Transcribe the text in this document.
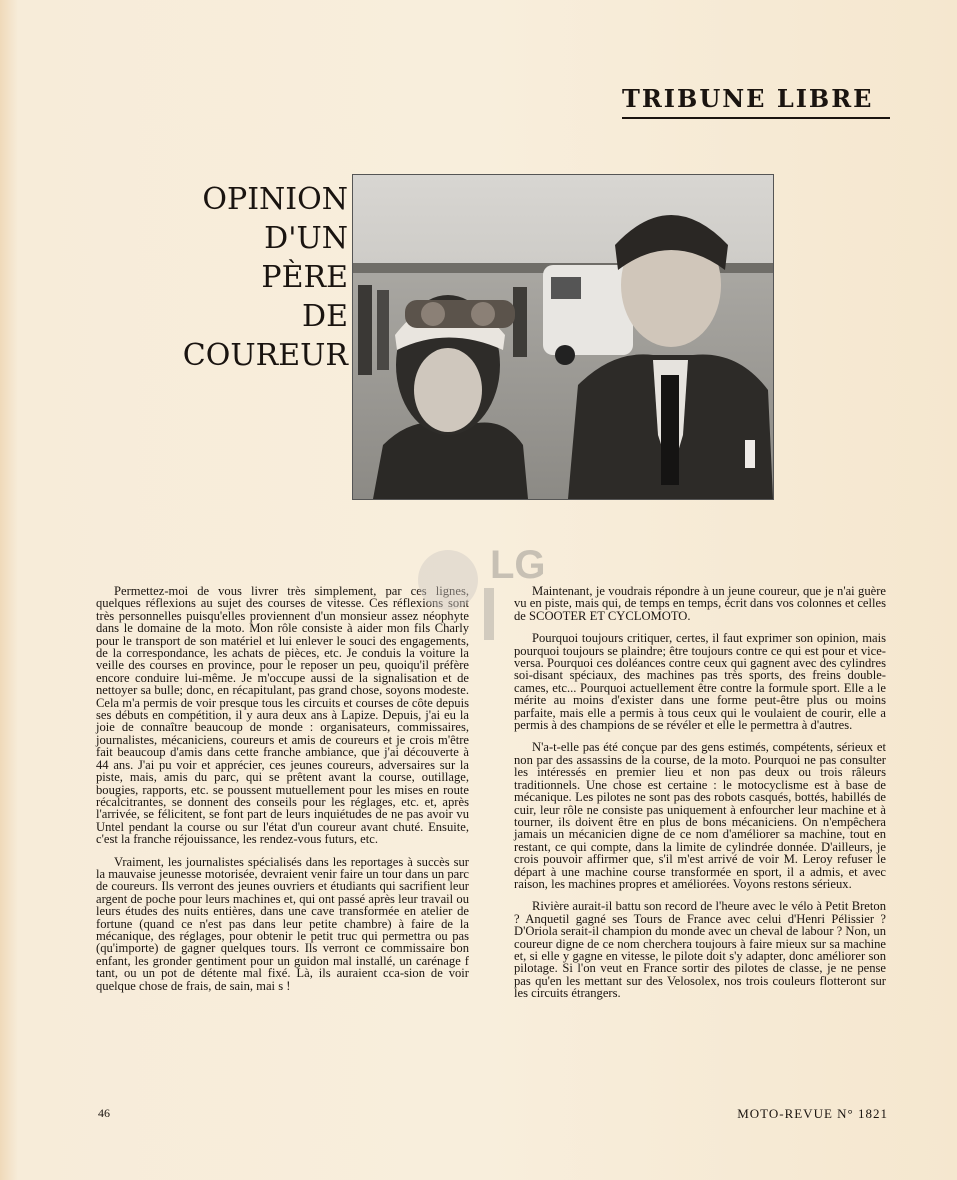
TRIBUNE LIBRE
OPINION
D'UN
PÈRE
DE
COUREUR

Permettez-moi de vous livrer très simplement, par ces lignes, quelques réflexions au sujet des courses de vitesse. Ces réflexions sont très personnelles puisqu'elles proviennent d'un monsieur assez néophyte dans le domaine de la moto. Mon rôle consiste à aider mon fils Charly pour le transport de son matériel et lui enlever le souci des engagements, de la correspondance, les achats de pièces, etc. Je conduis la voiture la veille des courses en province, pour le reposer un peu, quoiqu'il préfère encore conduire lui-même. Je m'occupe aussi de la signalisation et de nettoyer sa bulle; donc, en récapitulant, pas grand chose, soyons modeste. Cela m'a permis de voir presque tous les circuits et courses de côte depuis ses débuts en compétition, il y aura deux ans à Lapize. Depuis, j'ai eu la joie de connaître beaucoup de monde : organisateurs, commissaires, journalistes, mécaniciens, coureurs et amis de coureurs et je crois m'être fait beaucoup d'amis dans cette franche ambiance, que j'ai découverte à 44 ans. J'ai pu voir et apprécier, ces jeunes coureurs, adversaires sur la piste, mais, amis du parc, qui se prêtent avant la course, outillage, bougies, rapports, etc. se poussent mutuellement pour les mises en route récalcitrantes, se donnent des conseils pour les réglages, etc. et, après l'arrivée, se félicitent, se font part de leurs inquiétudes de ne pas avoir vu Untel pendant la course ou sur l'état d'un coureur avant chuté. Ensuite, c'est la franche réjouissance, les rendez-vous futurs, etc.

Vraiment, les journalistes spécialisés dans les reportages à succès sur la mauvaise jeunesse motorisée, devraient venir faire un tour dans un parc de coureurs. Ils verront des jeunes ouvriers et étudiants qui sacrifient leur argent de poche pour leurs machines et, qui ont passé après leur travail ou leurs études des nuits entières, dans une cave transformée en atelier de fortune (quand ce n'est pas dans leur petite chambre) à faire de la mécanique, des réglages, pour obtenir le petit truc qui permettra ou pas (qu'importe) de gagner quelques tours. Ils verront ce commissaire bon enfant, les gronder gentiment pour un guidon mal installé, un carénage f tant, ou un pot de détente mal fixé. Là, ils auraient cca-sion de voir quelque chose de frais, de sain, mai s !

Maintenant, je voudrais répondre à un jeune coureur, que je n'ai guère vu en piste, mais qui, de temps en temps, écrit dans vos colonnes et celles de SCOOTER ET CYCLOMOTO.

Pourquoi toujours critiquer, certes, il faut exprimer son opinion, mais pourquoi toujours se plaindre; être toujours contre ce qui est pour et vice-versa. Pourquoi ces doléances contre ceux qui gagnent avec des cylindres soi-disant spéciaux, des machines pas très sports, des freins double-cames, etc... Pourquoi actuellement être contre la formule sport. Elle a le mérite au moins d'exister dans une forme peut-être plus ou moins parfaite, mais elle a permis à tous ceux qui le voulaient de courir, elle a permis à des champions de se révéler et elle le permettra à d'autres.

N'a-t-elle pas été conçue par des gens estimés, compétents, sérieux et non par des assassins de la course, de la moto. Pourquoi ne pas consulter les intéressés en premier lieu et non pas deux ou trois râleurs traditionnels. Une chose est certaine : le motocyclisme est à base de mécanique. Les pilotes ne sont pas des robots casqués, bottés, habillés de cuir, leur rôle ne consiste pas uniquement à enfourcher leur machine et à tourner, ils doivent être en plus de bons mécaniciens. On n'empêchera jamais un mécanicien digne de ce nom d'améliorer sa machine, tout en restant, ce qui compte, dans la limite de cylindrée donnée. D'ailleurs, je crois pouvoir affirmer que, s'il m'est arrivé de voir M. Leroy refuser le départ à une machine course transformée en sport, il a admis, et avec raison, les machines propres et améliorées. Voyons restons sérieux.

Rivière aurait-il battu son record de l'heure avec le vélo à Petit Breton ? Anquetil gagné ses Tours de France avec celui d'Henri Pélissier ? D'Oriola serait-il champion du monde avec un cheval de labour ? Non, un coureur digne de ce nom cherchera toujours à faire mieux sur sa machine et, si elle y gagne en vitesse, le pilote doit s'y adapter, donc améliorer son pilotage. Si l'on veut en France sortir des pilotes de classe, je ne pense pas qu'en les mettant sur des Velosolex, nos trois couleurs flotteront sur les circuits étrangers.

LG
46	MOTO-REVUE N° 1821
